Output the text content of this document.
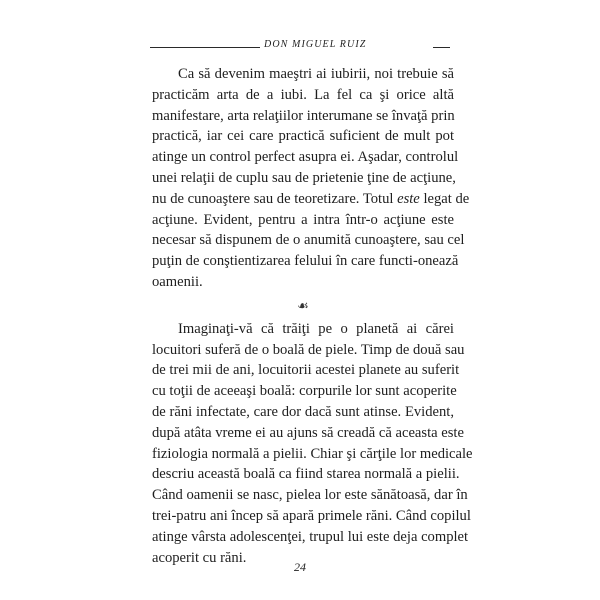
DON MIGUEL RUIZ
Ca să devenim maeştri ai iubirii, noi trebuie să
practicăm arta de a iubi. La fel ca şi orice altă
manifestare, arta relaţiilor interumane se învaţă prin
practică, iar cei care practică suficient de mult pot
atinge un control perfect asupra ei. Aşadar, controlul
unei relaţii de cuplu sau de prietenie ţine de acţiune,
nu de cunoaştere sau de teoretizare. Totul este legat de
acţiune. Evident, pentru a intra într-o acţiune este
necesar să dispunem de o anumită cunoaştere, sau cel
puţin de conştientizarea felului în care functi-onează
oamenii.
☙
Imaginaţi-vă că trăiţi pe o planetă ai cărei
locuitori suferă de o boală de piele. Timp de două sau
de trei mii de ani, locuitorii acestei planete au suferit
cu toţii de aceeaşi boală: corpurile lor sunt acoperite
de răni infectate, care dor dacă sunt atinse. Evident,
după atâta vreme ei au ajuns să creadă că aceasta este
fiziologia normală a pielii. Chiar şi cărţile lor medicale
descriu această boală ca fiind starea normală a pielii.
Când oamenii se nasc, pielea lor este sănătoasă, dar în
trei-patru ani încep să apară primele răni. Când copilul
atinge vârsta adolescenţei, trupul lui este deja complet
acoperit cu răni.
24
